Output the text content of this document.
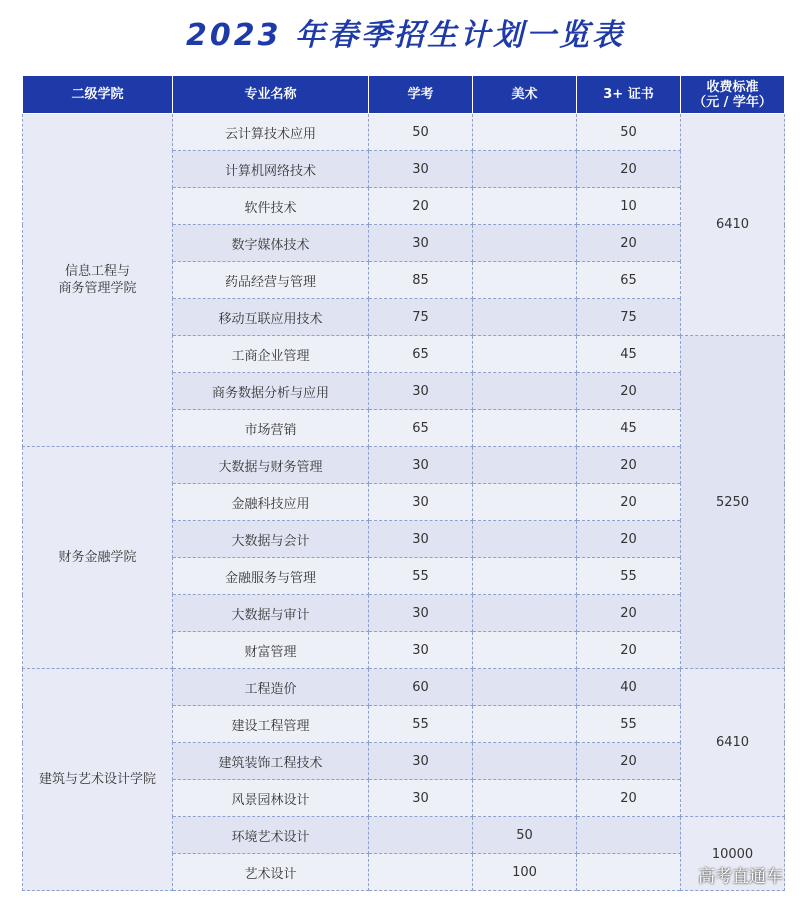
2023 年春季招生计划一览表
二级学院	专业名称	学考	美术	3+ 证书	收费标准
（元 / 学年）
信息工程与
商务管理学院	云计算技术应用	50		50	6410
	计算机网络技术	30		20	
	软件技术	20		10	
	数字媒体技术	30		20	
	药品经营与管理	85		65	
	移动互联应用技术	75		75	
	工商企业管理	65		45	5250
	商务数据分析与应用	30		20	
	市场营销	65		45	
财务金融学院	大数据与财务管理	30		20	
	金融科技应用	30		20	
	大数据与会计	30		20	
	金融服务与管理	55		55	
	大数据与审计	30		20	
	财富管理	30		20	
建筑与艺术设计学院	工程造价	60		40	6410
	建设工程管理	55		55	
	建筑装饰工程技术	30		20	
	风景园林设计	30		20	
	环境艺术设计		50		10000
	艺术设计		100			高考直通车
